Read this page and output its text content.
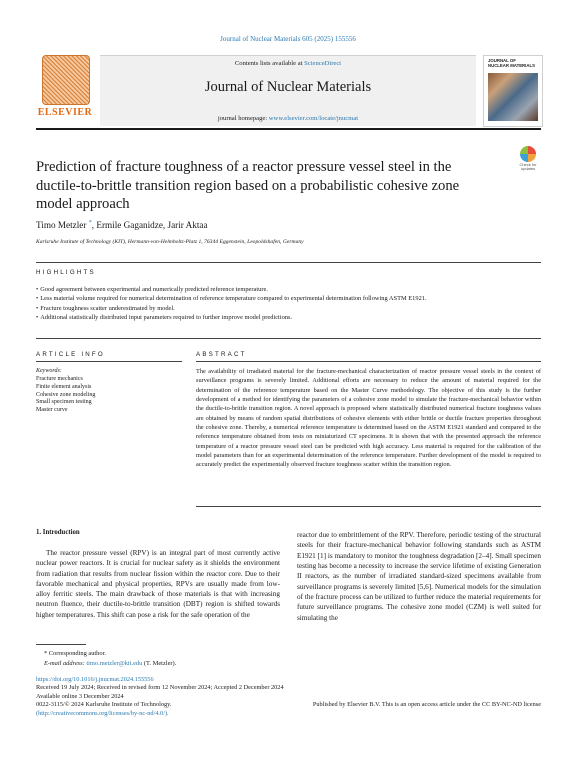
Journal of Nuclear Materials 605 (2025) 155556
ELSEVIER
Contents lists available at ScienceDirect
Journal of Nuclear Materials
journal homepage: www.elsevier.com/locate/jnucmat
JOURNAL OF NUCLEAR MATERIALS
Prediction of fracture toughness of a reactor pressure vessel steel in the ductile-to-brittle transition region based on a probabilistic cohesive zone model approach
Check for updates
Timo Metzler *, Ermile Gaganidze, Jarir Aktaa
Karlsruhe Institute of Technology (KIT), Hermann-von-Helmholtz-Platz 1, 76344 Eggenstein, Leopoldshafen, Germany
HIGHLIGHTS
• Good agreement between experimental and numerically predicted reference temperature.
• Less material volume required for numerical determination of reference temperature compared to experimental determination following ASTM E1921.
• Fracture toughness scatter underestimated by model.
• Additional statistically distributed input parameters required to further improve model predictions.
ARTICLE INFO
Keywords:
Fracture mechanics
Finite element analysis
Cohesive zone modeling
Small specimen testing
Master curve
ABSTRACT

The availability of irradiated material for the fracture-mechanical characterization of reactor pressure vessel steels in the context of surveillance programs is severely limited. Additional efforts are necessary to reduce the amount of material required for the determination of the reference temperature based on the Master Curve methodology. The objective of this study is the further development of a method for identifying the parameters of a cohesive zone model to simulate the fracture-mechanical behavior within the ductile-to-brittle transition region. A novel approach is proposed where statistically distributed numerical fracture toughness values are obtained by means of random spatial distributions of cohesive elements with either brittle or ductile fracture properties throughout the cohesive zone. Thereby, a numerical reference temperature is determined based on the ASTM E1921 standard and compared to the reference temperature obtained from tests on miniaturized CT specimens. It is shown that with the presented approach the reference temperature of a reactor pressure vessel steel can be predicted with high accuracy. Less material is required for the calibration of the model parameters than for an experimental determination of the reference temperature. Further development of the model is required to accurately predict the experimentally observed fracture toughness scatter within the transition region.

1. Introduction

The reactor pressure vessel (RPV) is an integral part of most currently active nuclear power reactors. It is crucial for nuclear safety as it shields the environment from radiation that results from nuclear fission within the reactor core. Due to their favorable mechanical and physical properties, RPVs are usually made from low-alloy ferritic steels. The main drawback of those materials is that with increasing neutron fluence, their ductile-to-brittle transition (DBT) region is shifted towards higher temperatures. This shift can pose a risk for the safe operation of the

reactor due to embrittlement of the RPV. Therefore, periodic testing of the structural steels for their fracture-mechanical behavior following standards such as ASTM E1921 [1] is mandatory to monitor the toughness degradation [2–4]. Small specimen testing has become a necessity to increase the service lifetime of existing Generation II reactors, as the number of irradiated standard-sized specimens available from surveillance programs is severely limited [5,6]. Numerical models for the simulation of the fracture process can be utilized to further reduce the material requirements for future surveillance programs. The cohesive zone model (CZM) is well suited for simulating the

* Corresponding author.
E-mail address: timo.metzler@kit.edu (T. Metzler).
https://doi.org/10.1016/j.jnucmat.2024.155556
Received 19 July 2024; Received in revised form 12 November 2024; Accepted 2 December 2024
Available online 3 December 2024
0022-3115/© 2024 Karlsruhe Institute of Technology.	Published by Elsevier B.V. This is an open access article under the CC BY-NC-ND license
(http://creativecommons.org/licenses/by-nc-nd/4.0/).
